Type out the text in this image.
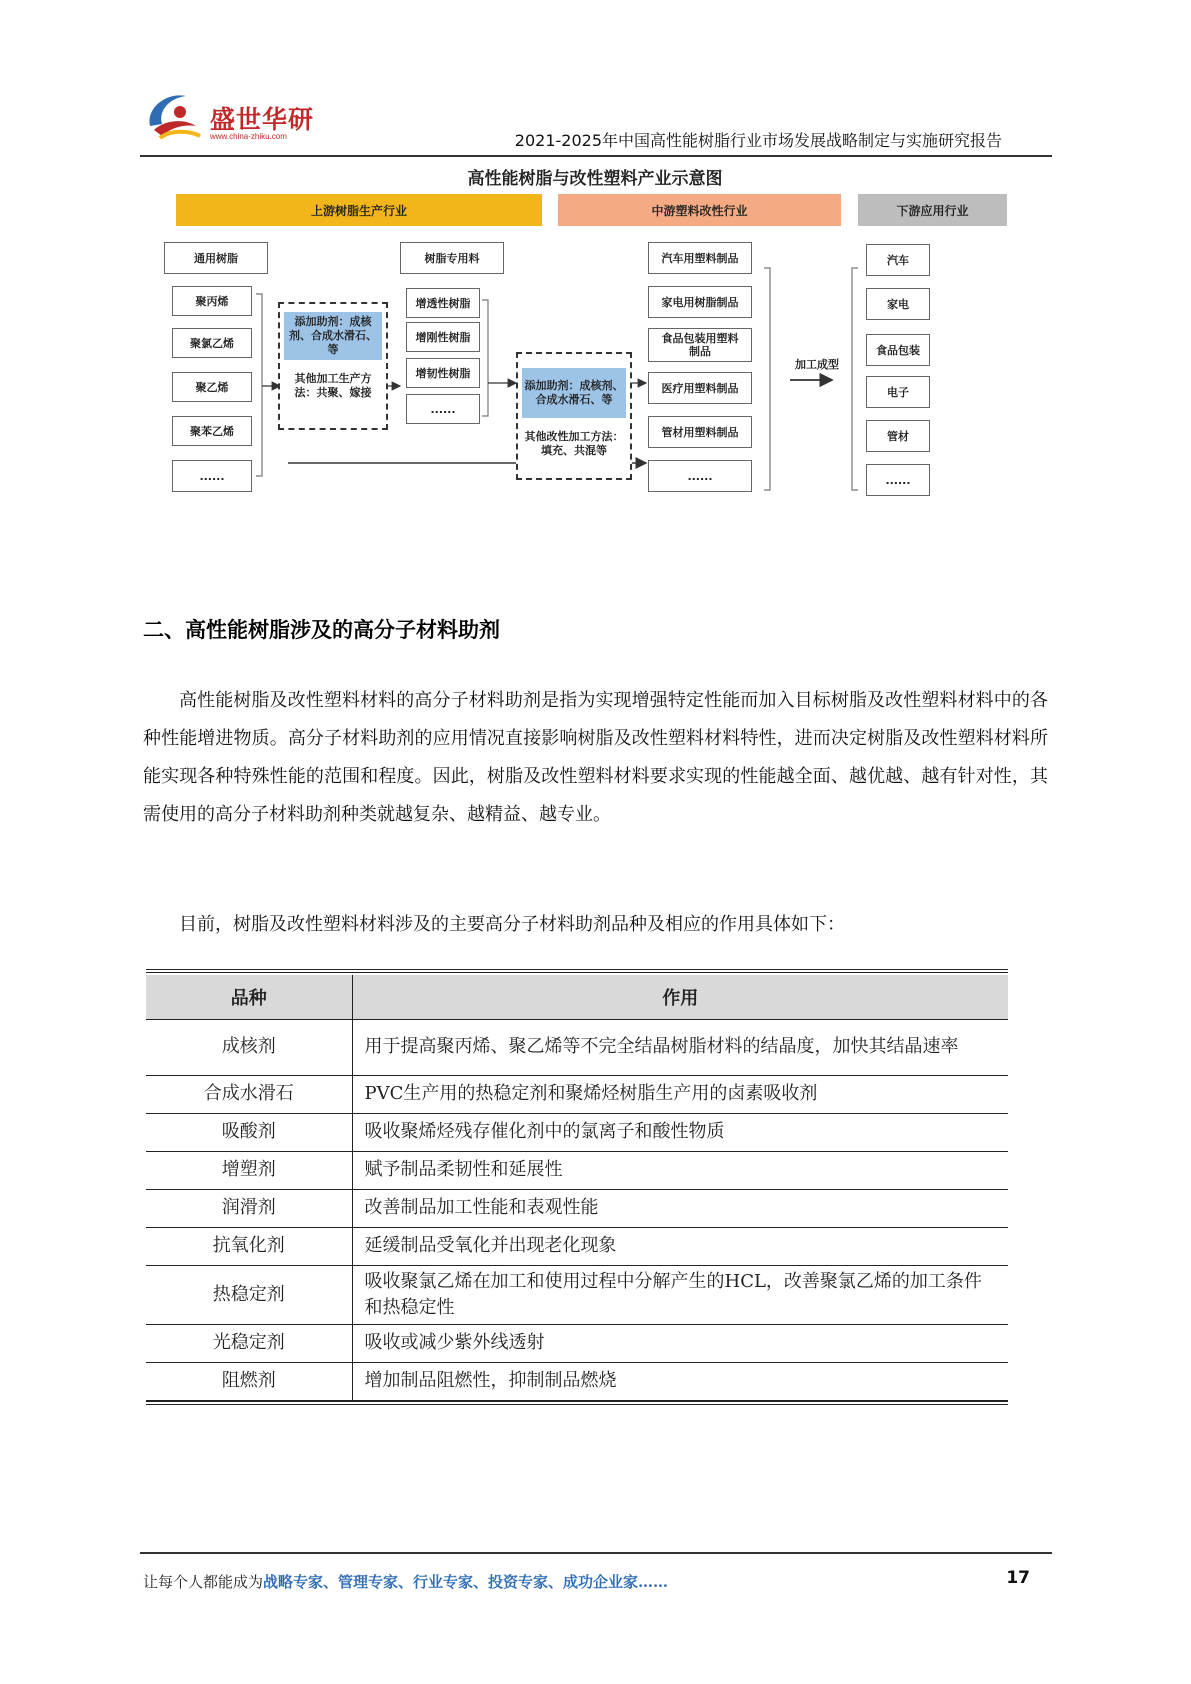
盛世华研
www.china-zhiku.com	2021-2025年中国高性能树脂行业市场发展战略制定与实施研究报告
高性能树脂与改性塑料产业示意图
上游树脂生产行业	中游塑料改性行业	下游应用行业
通用树脂
聚丙烯
聚氯乙烯
聚乙烯
聚苯乙烯
......
添加助剂：成核剂、合成水滑石、等
其他加工生产方法：共聚、嫁接
树脂专用料
增透性树脂
增刚性树脂
增韧性树脂
......
添加助剂：成核剂、合成水滑石、等
其他改性加工方法：填充、共混等
汽车用塑料制品
家电用树脂制品
食品包装用塑料制品
医疗用塑料制品
管材用塑料制品
......
加工成型
汽车
家电
食品包装
电子
管材
......
二、高性能树脂涉及的高分子材料助剂
高性能树脂及改性塑料材料的高分子材料助剂是指为实现增强特定性能而加入目标树脂及改性塑料材料中的各种性能增进物质。高分子材料助剂的应用情况直接影响树脂及改性塑料材料特性，进而决定树脂及改性塑料材料所能实现各种特殊性能的范围和程度。因此，树脂及改性塑料材料要求实现的性能越全面、越优越、越有针对性，其需使用的高分子材料助剂种类就越复杂、越精益、越专业。
目前，树脂及改性塑料材料涉及的主要高分子材料助剂品种及相应的作用具体如下：
品种	作用
成核剂	用于提高聚丙烯、聚乙烯等不完全结晶树脂材料的结晶度，加快其结晶速率
合成水滑石	PVC生产用的热稳定剂和聚烯烃树脂生产用的卤素吸收剂
吸酸剂	吸收聚烯烃残存催化剂中的氯离子和酸性物质
增塑剂	赋予制品柔韧性和延展性
润滑剂	改善制品加工性能和表观性能
抗氧化剂	延缓制品受氧化并出现老化现象
热稳定剂	吸收聚氯乙烯在加工和使用过程中分解产生的HCL，改善聚氯乙烯的加工条件和热稳定性
光稳定剂	吸收或减少紫外线透射
阻燃剂	增加制品阻燃性，抑制制品燃烧
让每个人都能成为战略专家、管理专家、行业专家、投资专家、成功企业家……	17
